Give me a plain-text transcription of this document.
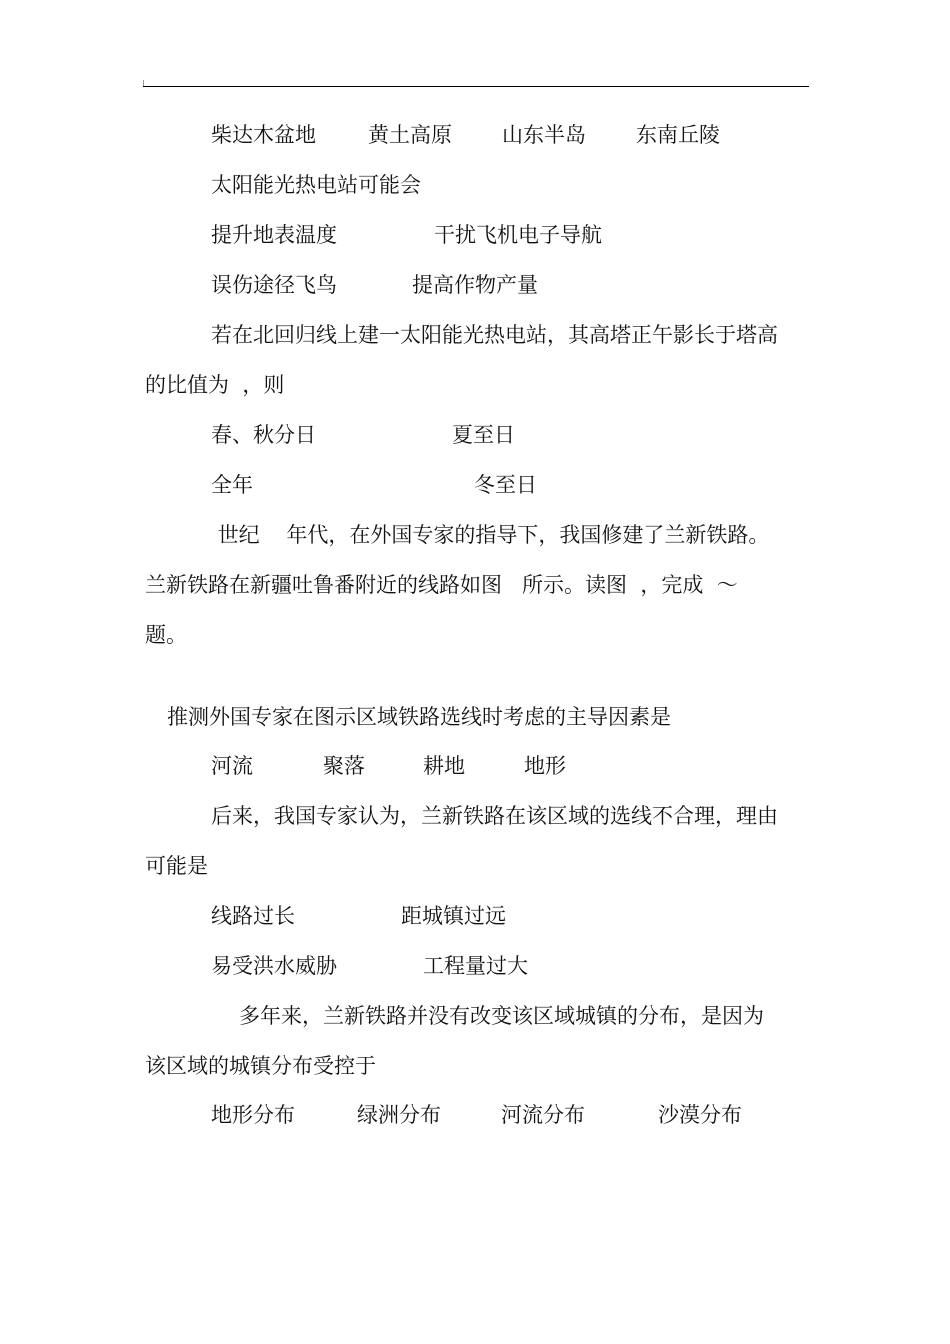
柴达木盆地 黄土高原 山东半岛 东南丘陵
太阳能光热电站可能会
提升地表温度	干扰飞机电子导航
误伤途径飞鸟	提高作物产量
若在北回归线上建一太阳能光热电站，其高塔正午影长于塔高
的比值为  ，则
春、秋分日	夏至日
全年	冬至日
世纪    年代，在外国专家的指导下，我国修建了兰新铁路。
兰新铁路在新疆吐鲁番附近的线路如图   所示。读图  ，完成  ～
题。
推测外国专家在图示区域铁路选线时考虑的主导因素是
河流	聚落	耕地	地形
后来，我国专家认为，兰新铁路在该区域的选线不合理，理由
可能是
线路过长	距城镇过远
易受洪水威胁	工程量过大
多年来，兰新铁路并没有改变该区域城镇的分布，是因为
该区域的城镇分布受控于
地形分布	绿洲分布	河流分布	沙漠分布
